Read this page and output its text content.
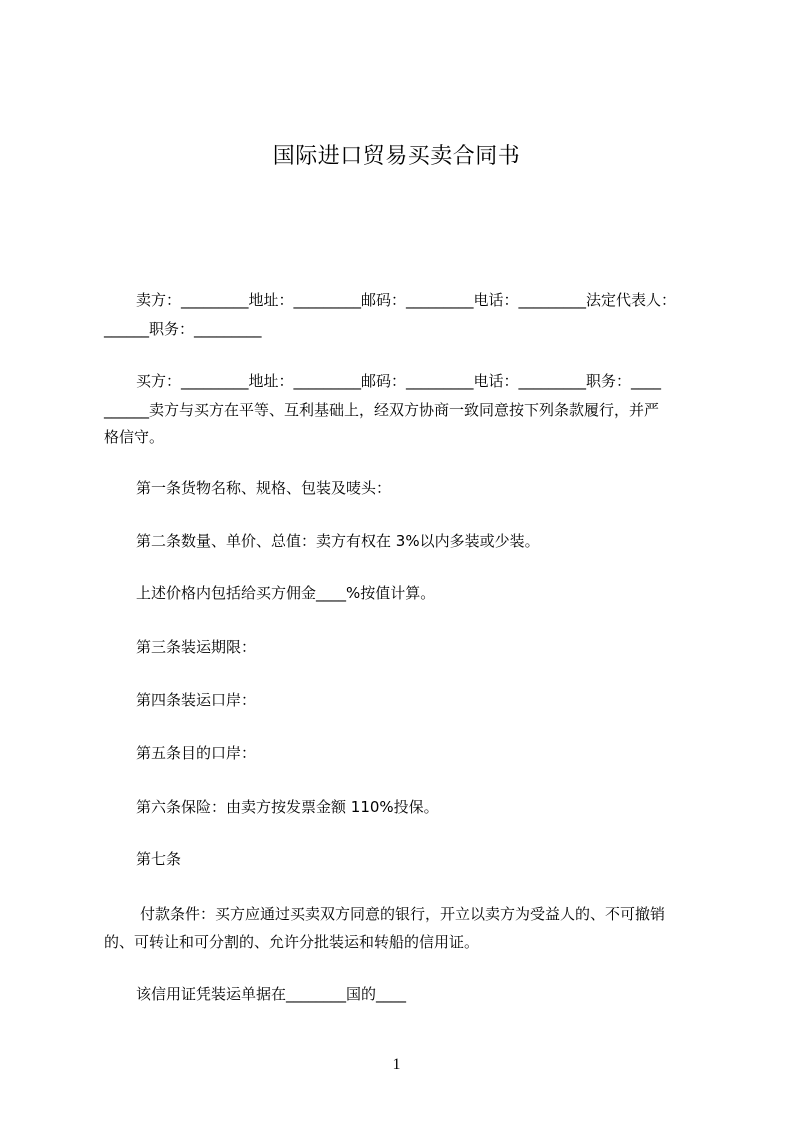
国际进口贸易买卖合同书
卖方：_________地址：_________邮码：_________电话：_________法定代表人：
______职务：_________
买方：_________地址：_________邮码：_________电话：_________职务：____
______卖方与买方在平等、互利基础上，经双方协商一致同意按下列条款履行，并严
格信守。
第一条货物名称、规格、包装及唛头：
第二条数量、单价、总值：卖方有权在 3%以内多装或少装。
上述价格内包括给买方佣金____%按值计算。
第三条装运期限：
第四条装运口岸：
第五条目的口岸：
第六条保险：由卖方按发票金额 110%投保。
第七条
付款条件：买方应通过买卖双方同意的银行，开立以卖方为受益人的、不可撤销
的、可转让和可分割的、允许分批装运和转船的信用证。
该信用证凭装运单据在________国的____
1
